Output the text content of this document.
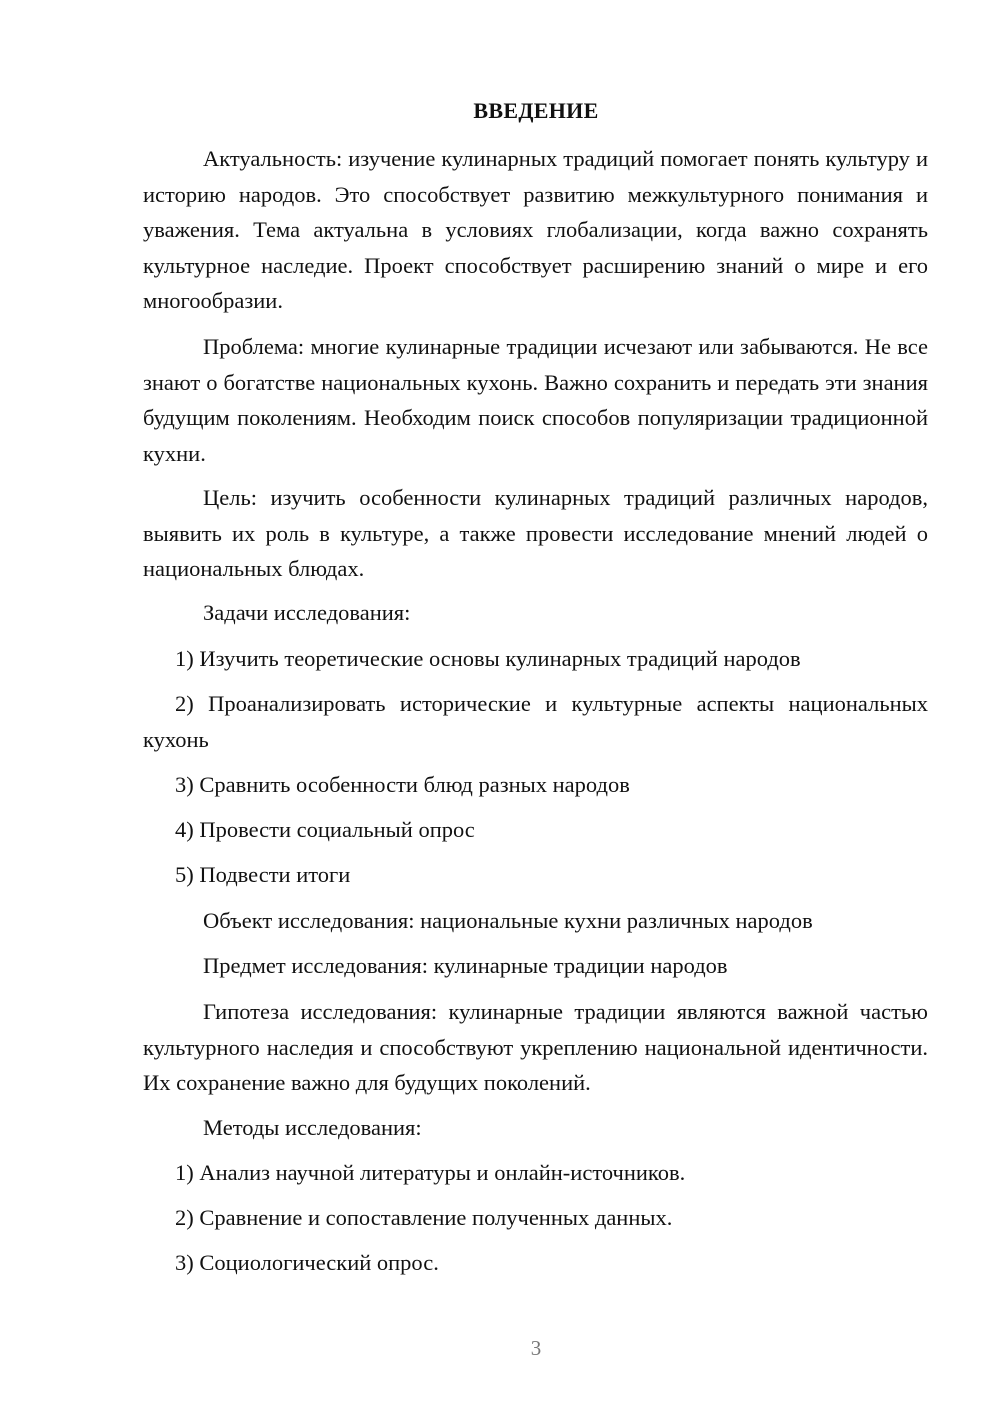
ВВЕДЕНИЕ

Актуальность: изучение кулинарных традиций помогает понять культуру и историю народов. Это способствует развитию межкультурного понимания и уважения. Тема актуальна в условиях глобализации, когда важно сохранять культурное наследие. Проект способствует расширению знаний о мире и его многообразии.

Проблема: многие кулинарные традиции исчезают или забываются. Не все знают о богатстве национальных кухонь. Важно сохранить и передать эти знания будущим поколениям. Необходим поиск способов популяризации традиционной кухни.

Цель: изучить особенности кулинарных традиций различных народов, выявить их роль в культуре, а также провести исследование мнений людей о национальных блюдах.

Задачи исследования:

1) Изучить теоретические основы кулинарных традиций народов

2) Проанализировать исторические и культурные аспекты национальных кухонь

3) Сравнить особенности блюд разных народов

4) Провести социальный опрос

5) Подвести итоги

Объект исследования: национальные кухни различных народов

Предмет исследования: кулинарные традиции народов

Гипотеза исследования: кулинарные традиции являются важной частью культурного наследия и способствуют укреплению национальной идентичности. Их сохранение важно для будущих поколений.

Методы исследования:

1) Анализ научной литературы и онлайн-источников.

2) Сравнение и сопоставление полученных данных.

3) Социологический опрос.

3
